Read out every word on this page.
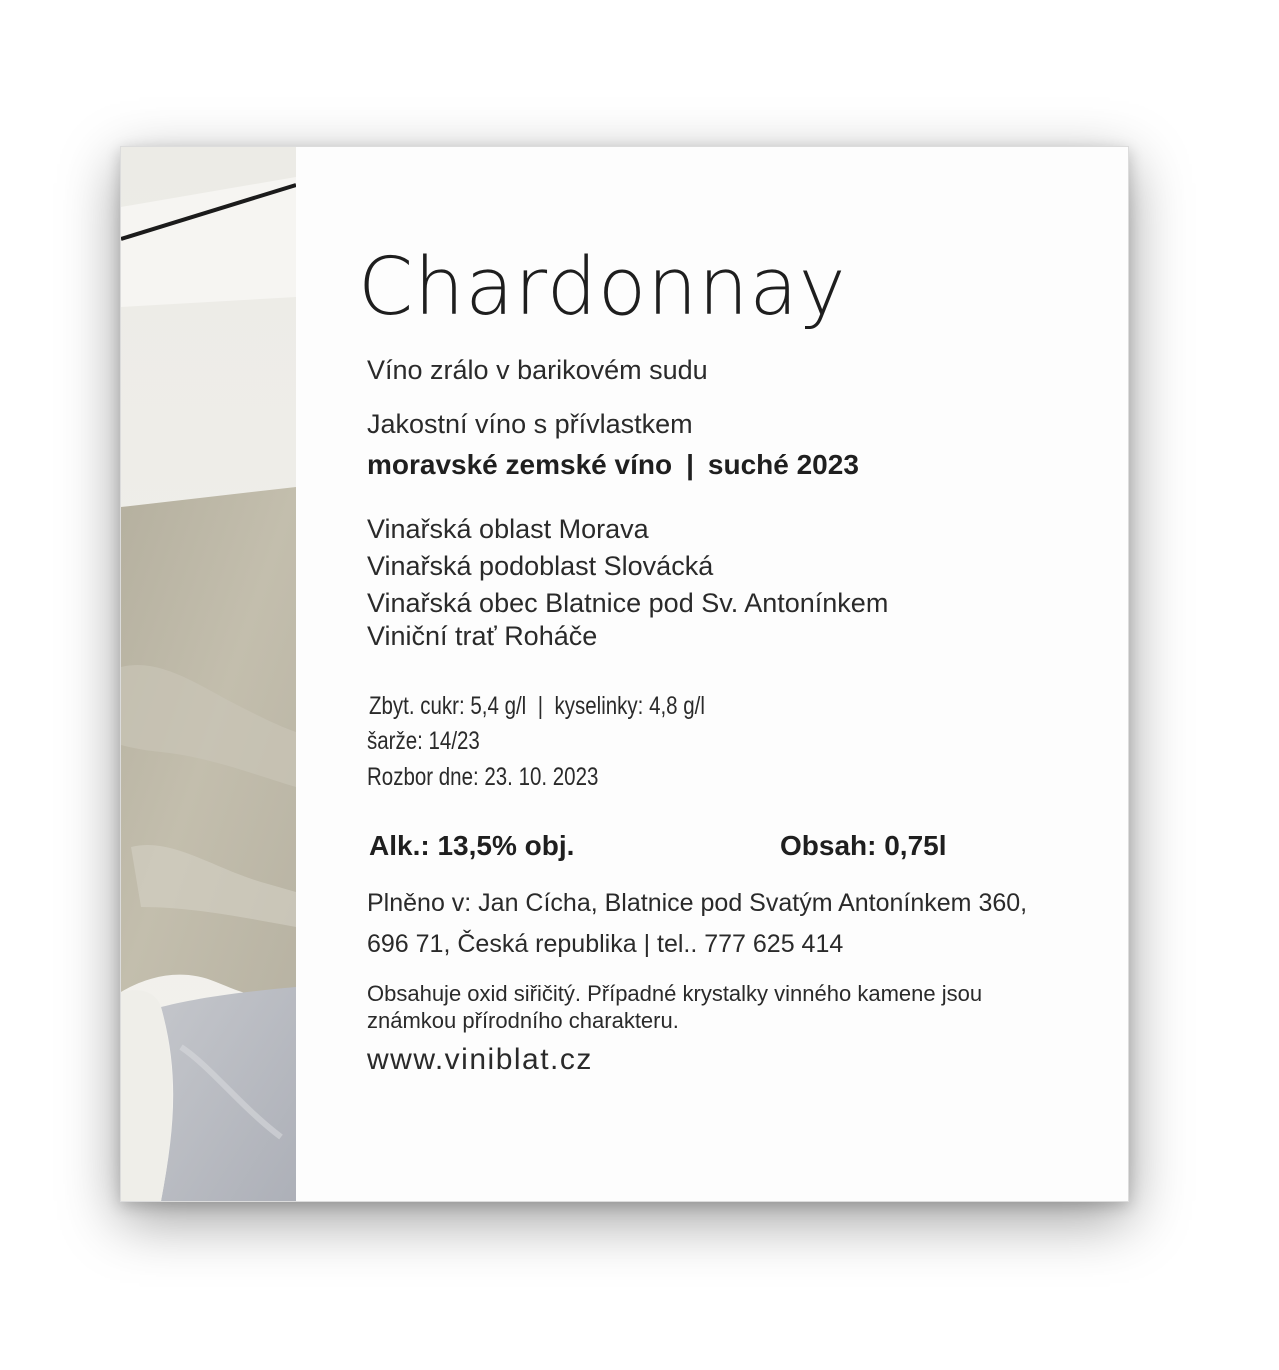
Chardonnay

Víno zrálo v barikovém sudu

Jakostní víno s přívlastkem

moravské zemské víno | suché 2023

Vinařská oblast Morava

Vinařská podoblast Slovácká

Vinařská obec Blatnice pod Sv. Antonínkem

Viniční trať Roháče

Zbyt. cukr: 5,4 g/l | kyselinky: 4,8 g/l

šarže: 14/23

Rozbor dne: 23. 10. 2023

Alk.: 13,5% obj.	Obsah: 0,75l

Plněno v: Jan Cícha, Blatnice pod Svatým Antonínkem 360,

696 71, Česká republika | tel.. 777 625 414

Obsahuje oxid siřičitý. Případné krystalky vinného kamene jsou známkou přírodního charakteru.

www.viniblat.cz
